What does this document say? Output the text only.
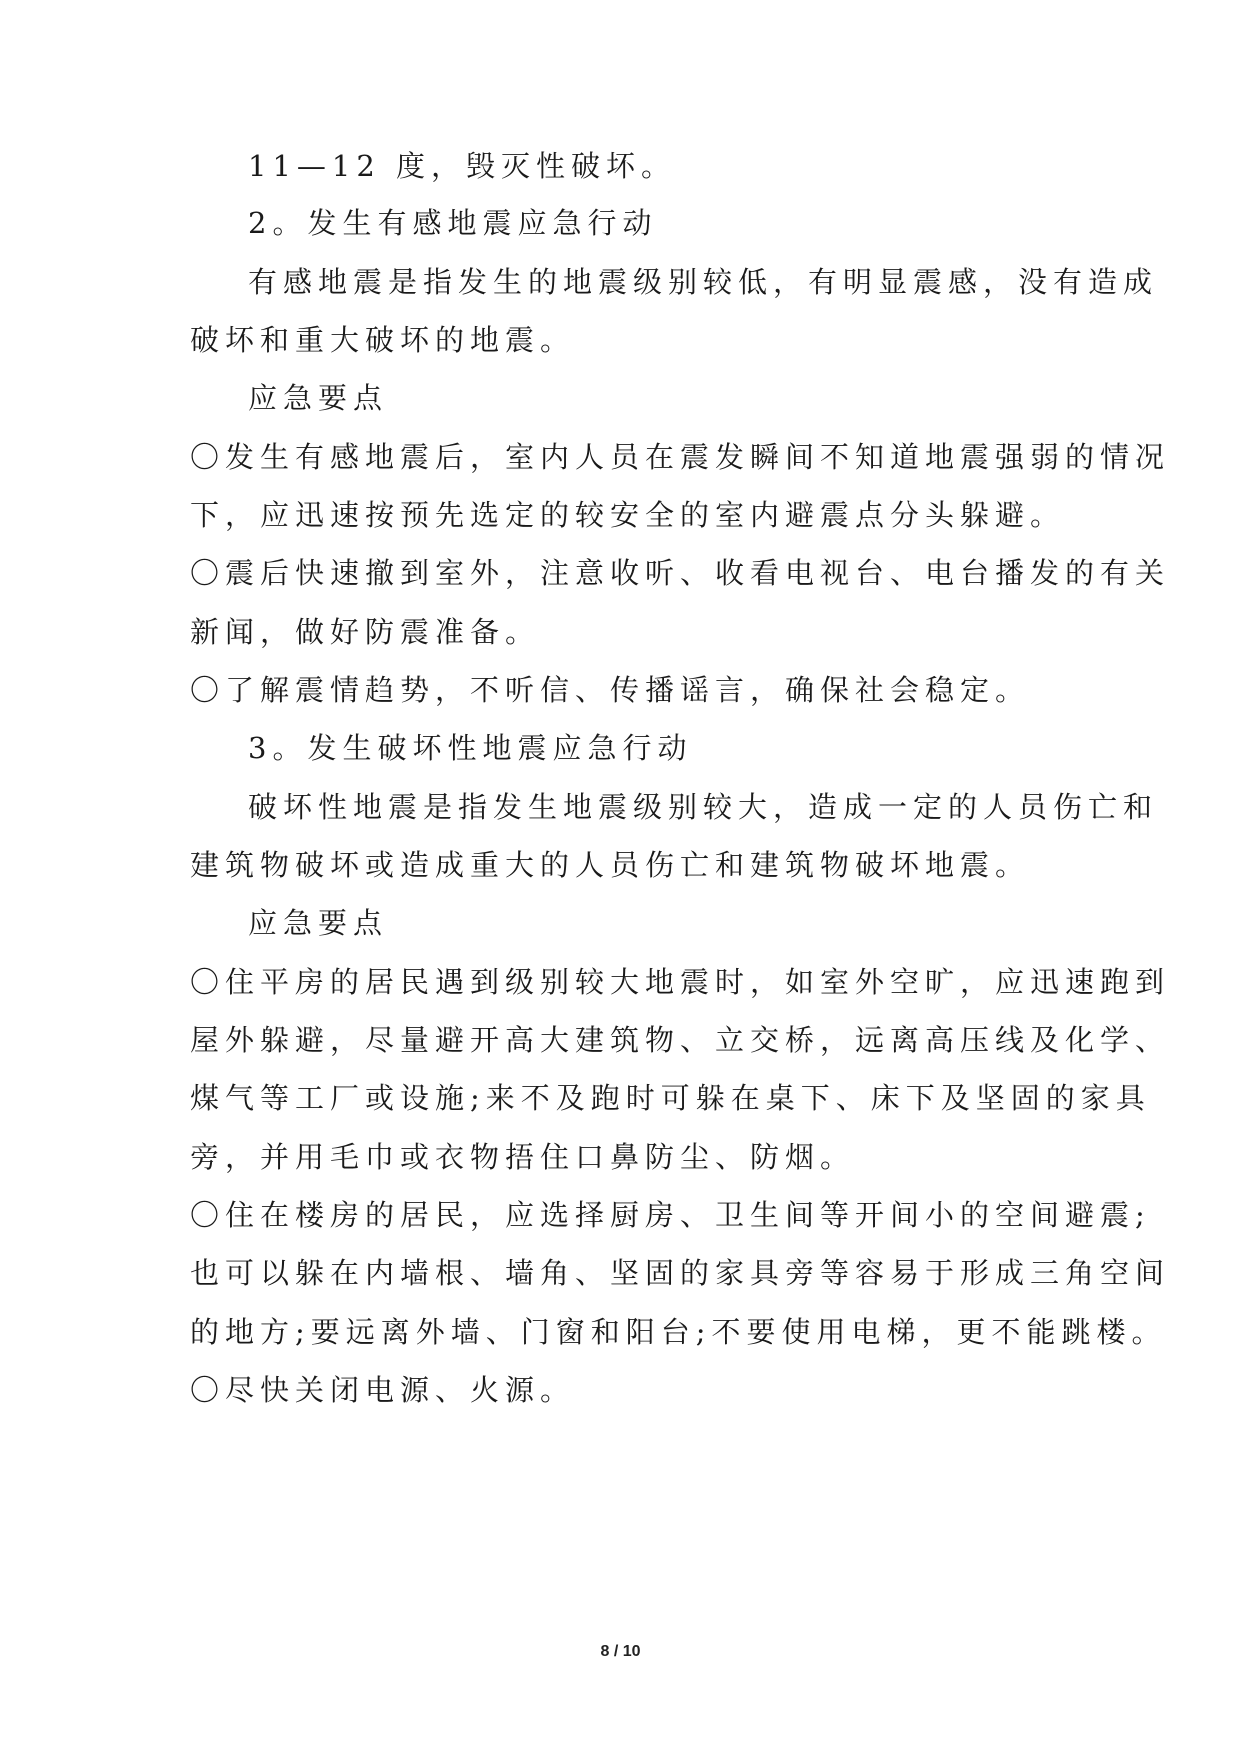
11—12 度，毁灭性破坏。
2。发生有感地震应急行动
有感地震是指发生的地震级别较低，有明显震感，没有造成
破坏和重大破坏的地震。
应急要点
〇发生有感地震后，室内人员在震发瞬间不知道地震强弱的情况
下，应迅速按预先选定的较安全的室内避震点分头躲避。
〇震后快速撤到室外，注意收听、收看电视台、电台播发的有关
新闻，做好防震准备。
〇了解震情趋势，不听信、传播谣言，确保社会稳定。
3。发生破坏性地震应急行动
破坏性地震是指发生地震级别较大，造成一定的人员伤亡和
建筑物破坏或造成重大的人员伤亡和建筑物破坏地震。
应急要点
〇住平房的居民遇到级别较大地震时，如室外空旷，应迅速跑到
屋外躲避，尽量避开高大建筑物、立交桥，远离高压线及化学、
煤气等工厂或设施;来不及跑时可躲在桌下、床下及坚固的家具
旁，并用毛巾或衣物捂住口鼻防尘、防烟。
〇住在楼房的居民，应选择厨房、卫生间等开间小的空间避震;
也可以躲在内墙根、墙角、坚固的家具旁等容易于形成三角空间
的地方;要远离外墙、门窗和阳台;不要使用电梯，更不能跳楼。
〇尽快关闭电源、火源。
8 / 10
